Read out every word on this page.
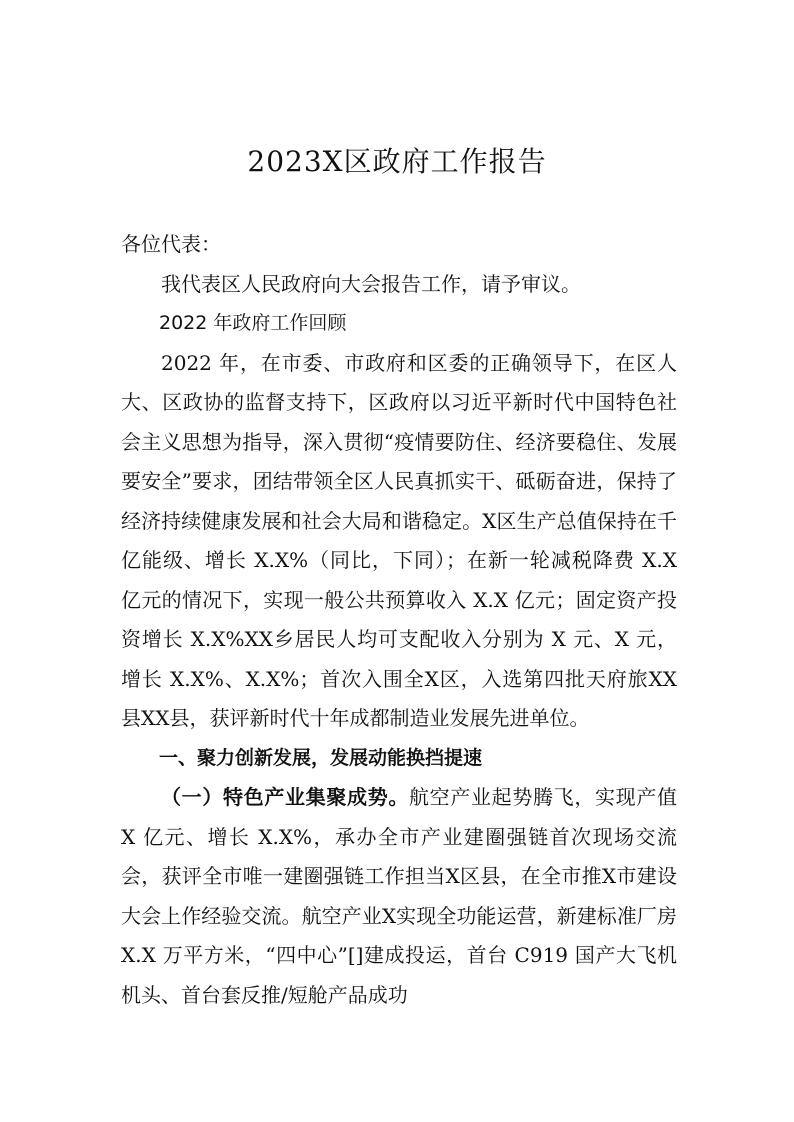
2023X区政府工作报告

各位代表：

我代表区人民政府向大会报告工作，请予审议。

2022 年政府工作回顾

2022 年，在市委、市政府和区委的正确领导下，在区人大、区政协的监督支持下，区政府以习近平新时代中国特色社会主义思想为指导，深入贯彻“疫情要防住、经济要稳住、发展要安全”要求，团结带领全区人民真抓实干、砥砺奋进，保持了经济持续健康发展和社会大局和谐稳定。X区生产总值保持在千亿能级、增长 X.X%（同比，下同）；在新一轮减税降费 X.X 亿元的情况下，实现一般公共预算收入 X.X 亿元；固定资产投资增长 X.X%XX乡居民人均可支配收入分别为 X 元、X 元，增长 X.X%、X.X%；首次入围全X区，入选第四批天府旅XX县XX县，获评新时代十年成都制造业发展先进单位。

一、聚力创新发展，发展动能换挡提速

（一）特色产业集聚成势。航空产业起势腾飞，实现产值 X 亿元、增长 X.X%，承办全市产业建圈强链首次现场交流会，获评全市唯一建圈强链工作担当X区县，在全市推X市建设大会上作经验交流。航空产业X实现全功能运营，新建标准厂房 X.X 万平方米，“四中心”[]建成投运，首台 C919 国产大飞机机头、首台套反推/短舱产品成功
